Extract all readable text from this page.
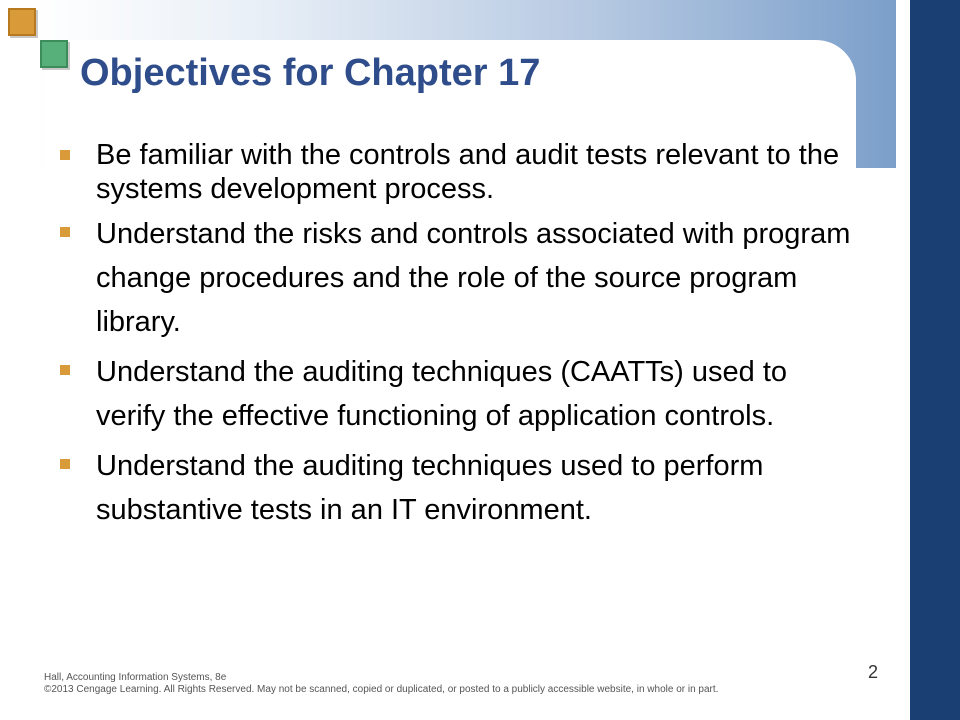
Objectives for Chapter 17
Be familiar with the controls and audit tests relevant to the systems development process.
Understand the risks and controls associated with program change procedures and the role of the source program library.
Understand the auditing techniques (CAATTs) used to verify the effective functioning of application controls.
Understand the auditing techniques used to perform substantive tests in an IT environment.
Hall, Accounting Information Systems, 8e
©2013 Cengage Learning. All Rights Reserved. May not be scanned, copied or duplicated, or posted to a publicly accessible website, in whole or in part.
2
